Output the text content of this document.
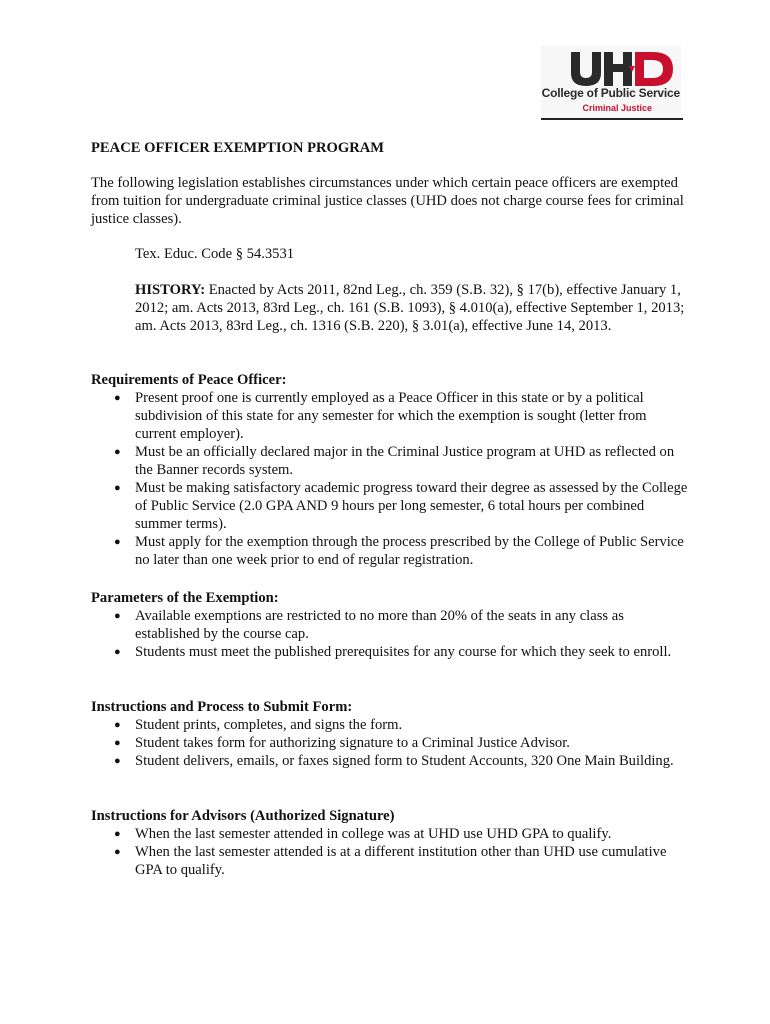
College of Public Service
Criminal Justice
PEACE OFFICER EXEMPTION PROGRAM
The following legislation establishes circumstances under which certain peace officers are exempted from tuition for undergraduate criminal justice classes (UHD does not charge course fees for criminal justice classes).
Tex. Educ. Code § 54.3531
HISTORY: Enacted by Acts 2011, 82nd Leg., ch. 359 (S.B. 32), § 17(b), effective January 1, 2012; am. Acts 2013, 83rd Leg., ch. 161 (S.B. 1093), § 4.010(a), effective September 1, 2013; am. Acts 2013, 83rd Leg., ch. 1316 (S.B. 220), § 3.01(a), effective June 14, 2013.
Requirements of Peace Officer:
● Present proof one is currently employed as a Peace Officer in this state or by a political subdivision of this state for any semester for which the exemption is sought (letter from current employer).
● Must be an officially declared major in the Criminal Justice program at UHD as reflected on the Banner records system.
● Must be making satisfactory academic progress toward their degree as assessed by the College of Public Service (2.0 GPA AND 9 hours per long semester, 6 total hours per combined summer terms).
● Must apply for the exemption through the process prescribed by the College of Public Service no later than one week prior to end of regular registration.
Parameters of the Exemption:
● Available exemptions are restricted to no more than 20% of the seats in any class as established by the course cap.
● Students must meet the published prerequisites for any course for which they seek to enroll.
Instructions and Process to Submit Form:
● Student prints, completes, and signs the form.
● Student takes form for authorizing signature to a Criminal Justice Advisor.
● Student delivers, emails, or faxes signed form to Student Accounts, 320 One Main Building.
Instructions for Advisors (Authorized Signature)
● When the last semester attended in college was at UHD use UHD GPA to qualify.
● When the last semester attended is at a different institution other than UHD use cumulative GPA to qualify.
